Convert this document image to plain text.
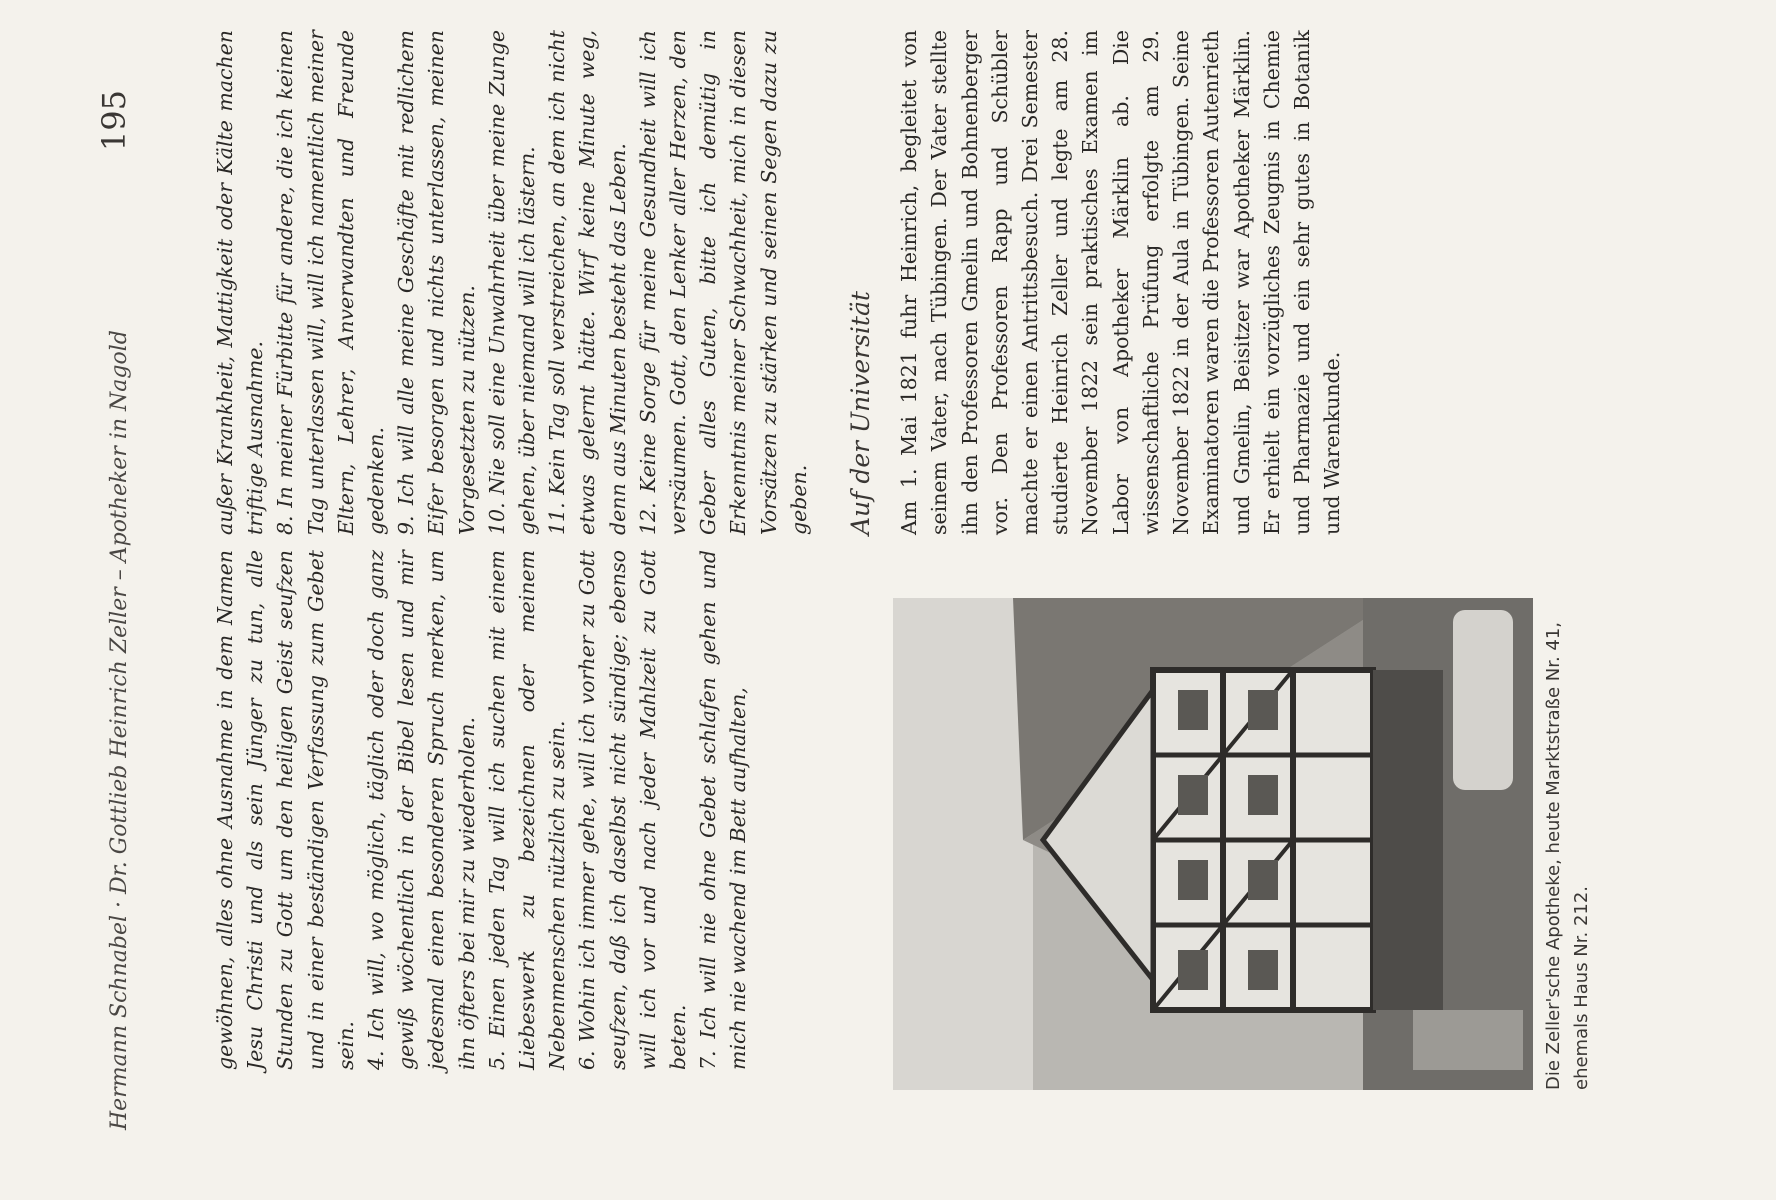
Hermann Schnabel · Dr. Gottlieb Heinrich Zeller – Apotheker in Nagold
195

gewöhnen, alles ohne Ausnahme in dem Namen Jesu Christi und als sein Jünger zu tun, alle Stunden zu Gott um den heiligen Geist seufzen und in einer beständigen Verfassung zum Gebet sein. 4. Ich will, wo möglich, täglich oder doch ganz gewiß wöchentlich in der Bibel lesen und mir jedesmal einen besonderen Spruch merken, um ihn öfters bei mir zu wiederholen. 5. Einen jeden Tag will ich suchen mit einem Liebeswerk zu bezeichnen oder meinem Nebenmenschen nützlich zu sein. 6. Wohin ich immer gehe, will ich vorher zu Gott seufzen, daß ich daselbst nicht sündige; ebenso will ich vor und nach jeder Mahlzeit zu Gott beten. 7. Ich will nie ohne Gebet schlafen gehen und mich nie wachend im Bett aufhalten,	Die Zeller'sche Apotheke, heute Marktstraße Nr. 41, ehemals Haus Nr. 212.

außer Krankheit, Mattigkeit oder Kälte machen triftige Ausnahme. 8. In meiner Fürbitte für andere, die ich keinen Tag unterlassen will, will ich namentlich meiner Eltern, Lehrer, Anverwandten und Freunde gedenken. 9. Ich will alle meine Geschäfte mit redlichem Eifer besorgen und nichts unterlassen, meinen Vorgesetzten zu nützen. 10. Nie soll eine Unwahrheit über meine Zunge gehen, über niemand will ich lästern. 11. Kein Tag soll verstreichen, an dem ich nicht etwas gelernt hätte. Wirf keine Minute weg, denn aus Minuten besteht das Leben. 12. Keine Sorge für meine Gesundheit will ich versäumen. Gott, den Lenker aller Herzen, den Geber alles Guten, bitte ich demütig in Erkenntnis meiner Schwachheit, mich in diesen Vorsätzen zu stärken und seinen Segen dazu zu geben. Auf der Universität Am 1. Mai 1821 fuhr Heinrich, begleitet von seinem Vater, nach Tübingen. Der Vater stellte ihn den Professoren Gmelin und Bohnenberger vor. Den Professoren Rapp und Schübler machte er einen Antrittsbesuch. Drei Semester studierte Heinrich Zeller und legte am 28. November 1822 sein praktisches Examen im Labor von Apotheker Märklin ab. Die wissenschaftliche Prüfung erfolgte am 29. November 1822 in der Aula in Tübingen. Seine Examinatoren waren die Professoren Autenrieth und Gmelin, Beisitzer war Apotheker Märklin. Er erhielt ein vorzügliches Zeugnis in Chemie und Pharmazie und ein sehr gutes in Botanik und Warenkunde.
